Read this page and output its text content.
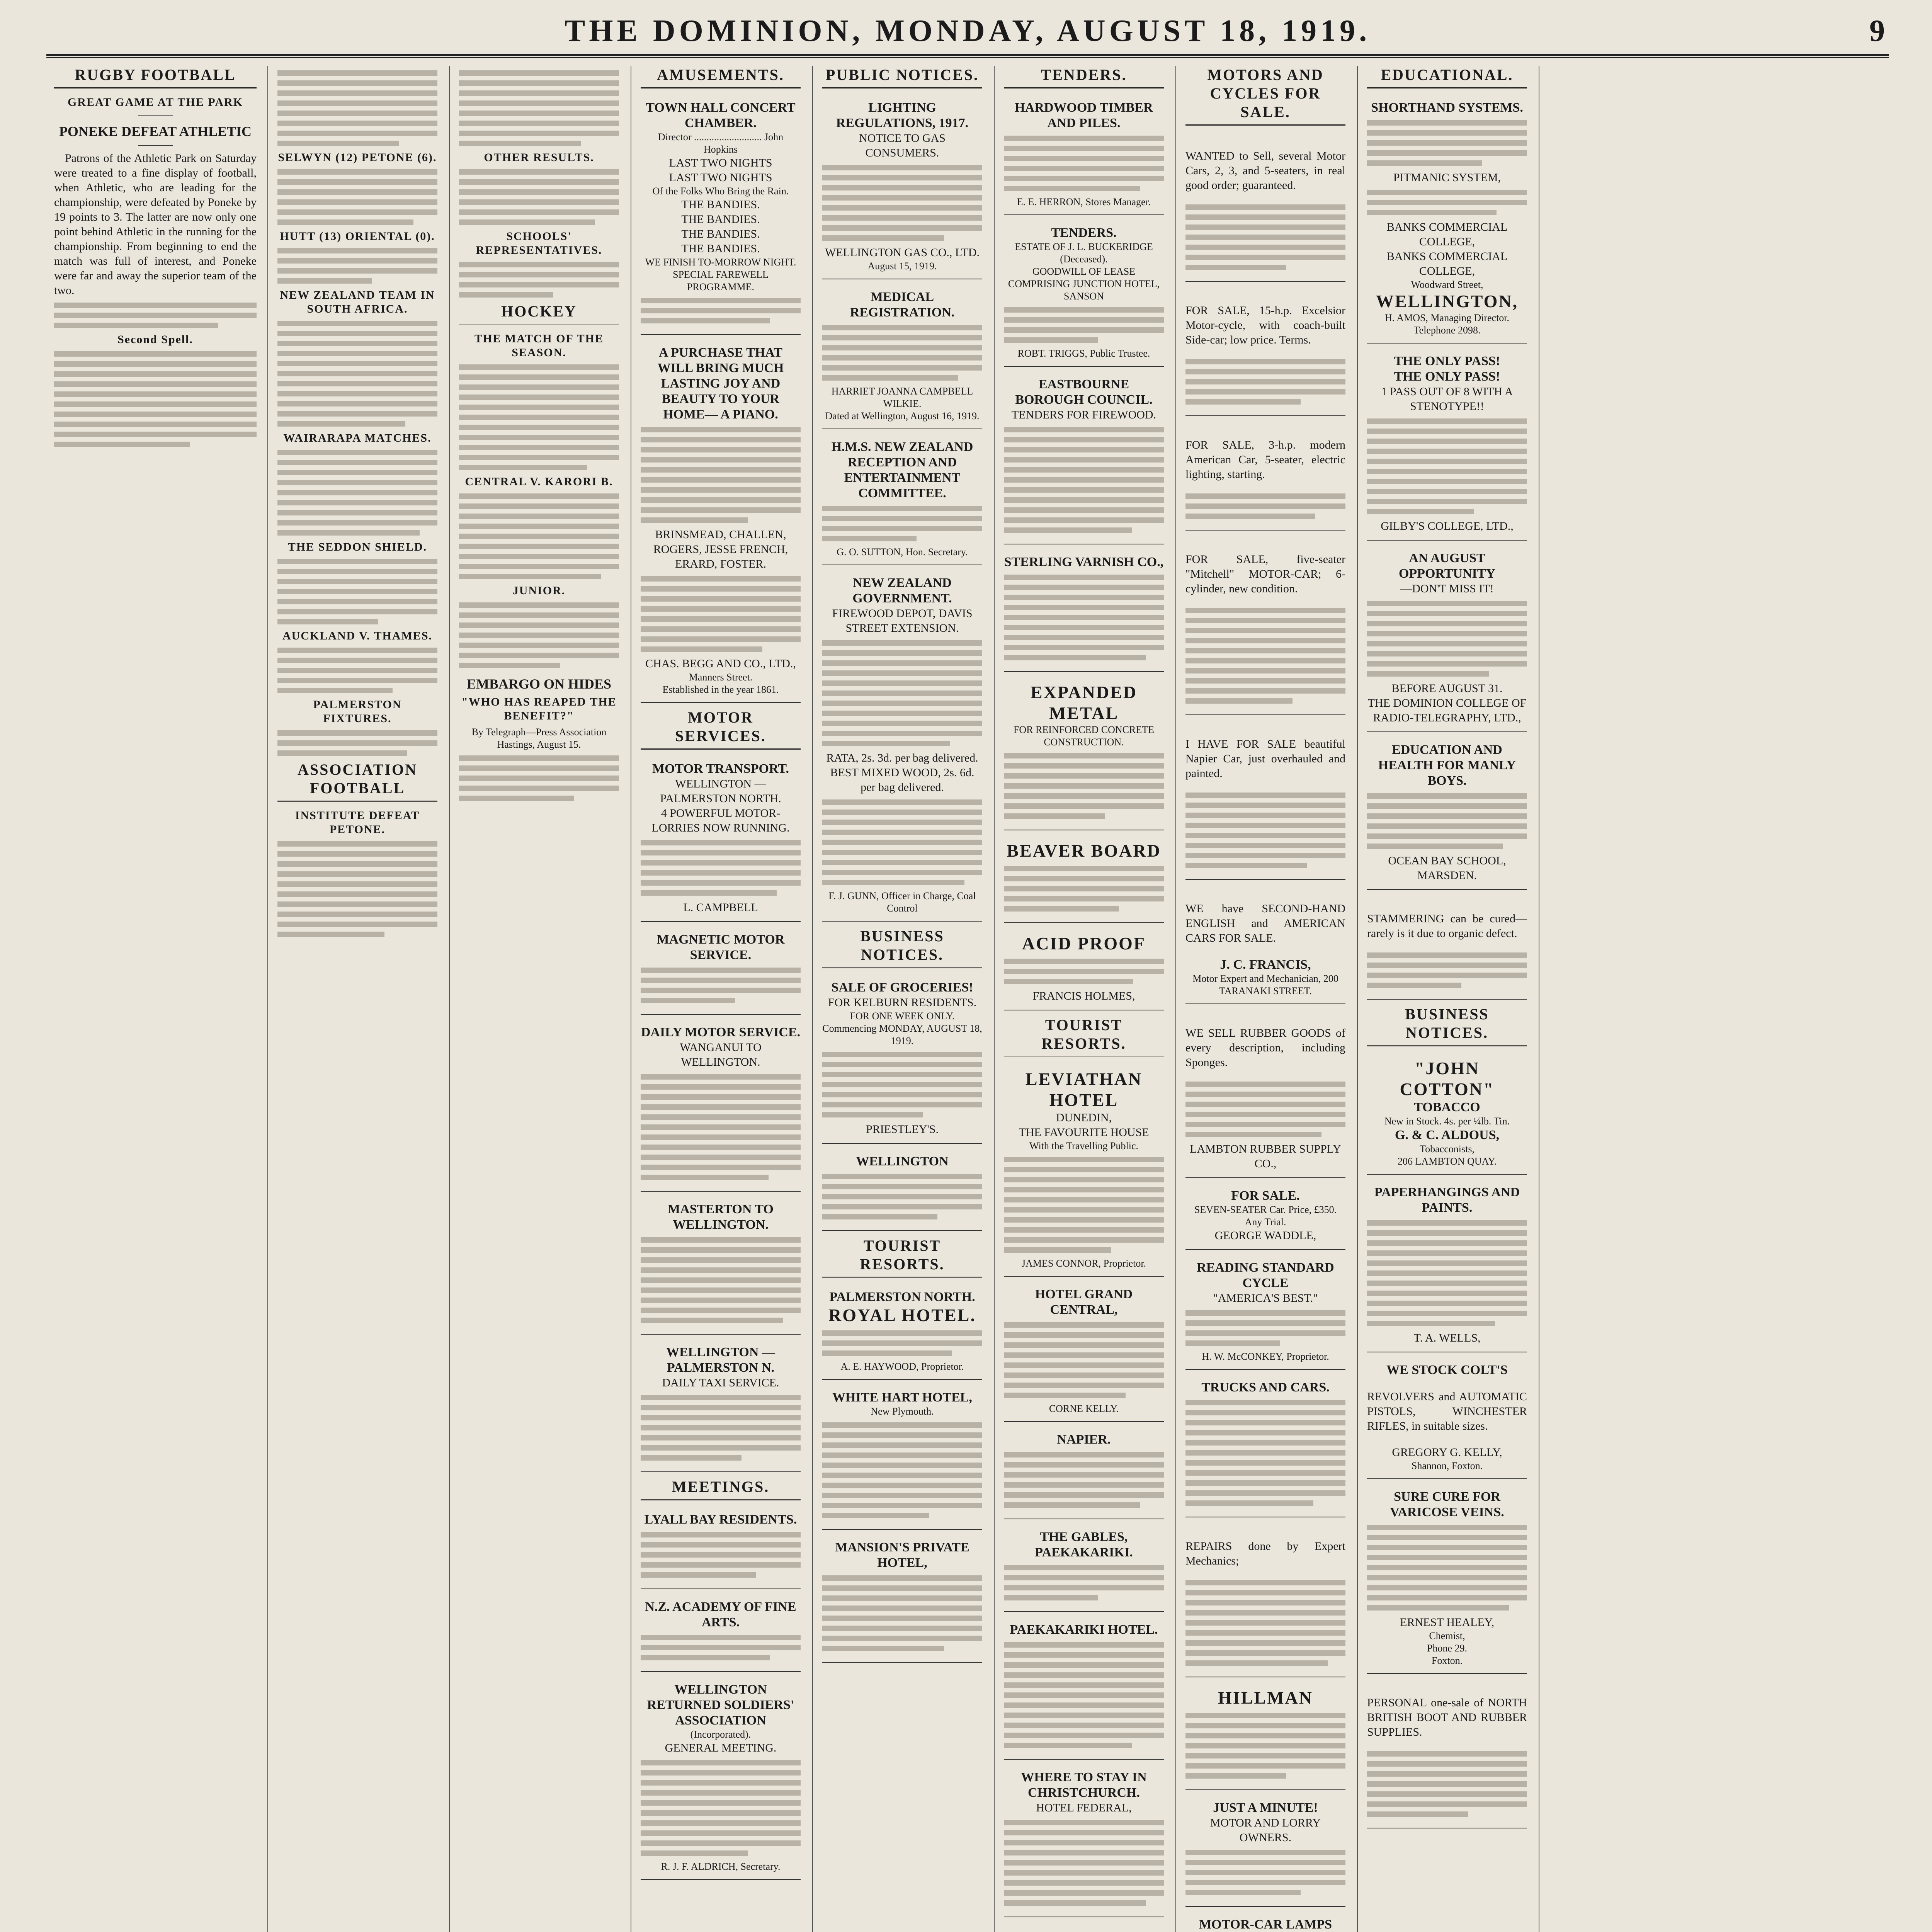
THE DOMINION, MONDAY, AUGUST 18, 1919.	9
RUGBY FOOTBALL
GREAT GAME AT THE PARK
PONEKE DEFEAT ATHLETIC

Patrons of the Athletic Park on Saturday were treated to a fine display of football, when Athletic, who are leading for the championship, were defeated by Poneke by 19 points to 3. The latter are now only one point behind Athletic in the running for the championship. From beginning to end the match was full of interest, and Poneke were far and away the superior team of the two.

Second Spell.
SELWYN (12) PETONE (6).
HUTT (13) ORIENTAL (0).
NEW ZEALAND TEAM IN SOUTH AFRICA.
WAIRARAPA MATCHES.
THE SEDDON SHIELD.
AUCKLAND V. THAMES.
PALMERSTON FIXTURES.
ASSOCIATION FOOTBALL
INSTITUTE DEFEAT PETONE.
OTHER RESULTS.
SCHOOLS' REPRESENTATIVES.
HOCKEY
THE MATCH OF THE SEASON.
CENTRAL V. KARORI B.
JUNIOR.
EMBARGO ON HIDES
"WHO HAS REAPED THE BENEFIT?"
By Telegraph—Press Association
Hastings, August 15.
AMUSEMENTS.
TOWN HALL CONCERT CHAMBER.
Director ........................... John Hopkins
LAST TWO NIGHTS
LAST TWO NIGHTS
Of the Folks Who Bring the Rain.
THE BANDIES.
THE BANDIES.
THE BANDIES.
THE BANDIES.
WE FINISH TO-MORROW NIGHT.
SPECIAL FAREWELL PROGRAMME.
A PURCHASE THAT WILL BRING MUCH LASTING JOY AND BEAUTY TO YOUR HOME— A PIANO.
BRINSMEAD, CHALLEN, ROGERS, JESSE FRENCH, ERARD, FOSTER.
CHAS. BEGG AND CO., LTD.,
Manners Street.
Established in the year 1861.
MOTOR SERVICES.
MOTOR TRANSPORT.
WELLINGTON — PALMERSTON NORTH.
4 POWERFUL MOTOR-LORRIES NOW RUNNING.
L. CAMPBELL
MAGNETIC MOTOR SERVICE.
DAILY MOTOR SERVICE.
WANGANUI TO WELLINGTON.
MASTERTON TO WELLINGTON.
WELLINGTON — PALMERSTON N.
DAILY TAXI SERVICE.
MEETINGS.
LYALL BAY RESIDENTS.
N.Z. ACADEMY OF FINE ARTS.
WELLINGTON RETURNED SOLDIERS' ASSOCIATION
(Incorporated).
GENERAL MEETING.
R. J. F. ALDRICH, Secretary.
PUBLIC NOTICES.
LIGHTING REGULATIONS, 1917.
NOTICE TO GAS CONSUMERS.
WELLINGTON GAS CO., LTD.
August 15, 1919.
MEDICAL REGISTRATION.
HARRIET JOANNA CAMPBELL WILKIE.
Dated at Wellington, August 16, 1919.
H.M.S. NEW ZEALAND RECEPTION AND ENTERTAINMENT COMMITTEE.
G. O. SUTTON, Hon. Secretary.
NEW ZEALAND GOVERNMENT.
FIREWOOD DEPOT, DAVIS STREET EXTENSION.
RATA, 2s. 3d. per bag delivered.
BEST MIXED WOOD, 2s. 6d. per bag delivered.
F. J. GUNN, Officer in Charge, Coal Control
BUSINESS NOTICES.
SALE OF GROCERIES!
FOR KELBURN RESIDENTS.
FOR ONE WEEK ONLY. Commencing MONDAY, AUGUST 18, 1919.
PRIESTLEY'S.
WELLINGTON
TOURIST RESORTS.
PALMERSTON NORTH.
ROYAL HOTEL.
A. E. HAYWOOD, Proprietor.
WHITE HART HOTEL,
New Plymouth.
MANSION'S PRIVATE HOTEL,
TENDERS.
HARDWOOD TIMBER AND PILES.
E. E. HERRON, Stores Manager.
TENDERS.
ESTATE OF J. L. BUCKERIDGE (Deceased).
GOODWILL OF LEASE COMPRISING JUNCTION HOTEL, SANSON
ROBT. TRIGGS, Public Trustee.
EASTBOURNE BOROUGH COUNCIL.
TENDERS FOR FIREWOOD.
STERLING VARNISH CO.,
EXPANDED METAL
FOR REINFORCED CONCRETE CONSTRUCTION.
BEAVER BOARD
ACID PROOF
FRANCIS HOLMES,
TOURIST RESORTS.
LEVIATHAN HOTEL
DUNEDIN,
THE FAVOURITE HOUSE
With the Travelling Public.
JAMES CONNOR, Proprietor.
HOTEL GRAND CENTRAL,
CORNE KELLY.
NAPIER.
THE GABLES, PAEKAKARIKI.
PAEKAKARIKI HOTEL.
WHERE TO STAY IN CHRISTCHURCH.
HOTEL FEDERAL,
MOTORS AND CYCLES FOR SALE.

WANTED to Sell, several Motor Cars, 2, 3, and 5-seaters, in real good order; guaranteed.

FOR SALE, 15-h.p. Excelsior Motor-cycle, with coach-built Side-car; low price. Terms.

FOR SALE, 3-h.p. modern American Car, 5-seater, electric lighting, starting.

FOR SALE, five-seater "Mitchell" MOTOR-CAR; 6-cylinder, new condition.

I HAVE FOR SALE beautiful Napier Car, just overhauled and painted.

WE have SECOND-HAND ENGLISH and AMERICAN CARS FOR SALE.

J. C. FRANCIS,
Motor Expert and Mechanician, 200 TARANAKI STREET.

WE SELL RUBBER GOODS of every description, including Sponges.

LAMBTON RUBBER SUPPLY CO.,
FOR SALE.
SEVEN-SEATER Car. Price, £350. Any Trial.
GEORGE WADDLE,
READING STANDARD CYCLE
"AMERICA'S BEST."
H. W. McCONKEY, Proprietor.
TRUCKS AND CARS.

REPAIRS done by Expert Mechanics;

HILLMAN
JUST A MINUTE!
MOTOR AND LORRY OWNERS.
MOTOR-CAR LAMPS

EDUCATIONAL.
SHORTHAND SYSTEMS.
PITMANIC SYSTEM,
BANKS COMMERCIAL COLLEGE,
BANKS COMMERCIAL COLLEGE,
Woodward Street,
WELLINGTON,
H. AMOS, Managing Director.
Telephone 2098.
THE ONLY PASS!
THE ONLY PASS!
1 PASS OUT OF 8 WITH A STENOTYPE!!
GILBY'S COLLEGE, LTD.,
AN AUGUST OPPORTUNITY
—DON'T MISS IT!
BEFORE AUGUST 31.
THE DOMINION COLLEGE OF RADIO-TELEGRAPHY, LTD.,
EDUCATION AND HEALTH FOR MANLY BOYS.
OCEAN BAY SCHOOL, MARSDEN.

STAMMERING can be cured—rarely is it due to organic defect.

BUSINESS NOTICES.
"JOHN COTTON"
TOBACCO
New in Stock. 4s. per ¼lb. Tin.
G. & C. ALDOUS,
Tobacconists,
206 LAMBTON QUAY.
PAPERHANGINGS AND PAINTS.
T. A. WELLS,
WE STOCK COLT'S

REVOLVERS and AUTOMATIC PISTOLS, WINCHESTER RIFLES, in suitable sizes.

GREGORY G. KELLY,
Shannon, Foxton.
SURE CURE FOR VARICOSE VEINS.
ERNEST HEALEY,
Chemist,
Phone 29.
Foxton.

PERSONAL one-sale of NORTH BRITISH BOOT AND RUBBER SUPPLIES.
